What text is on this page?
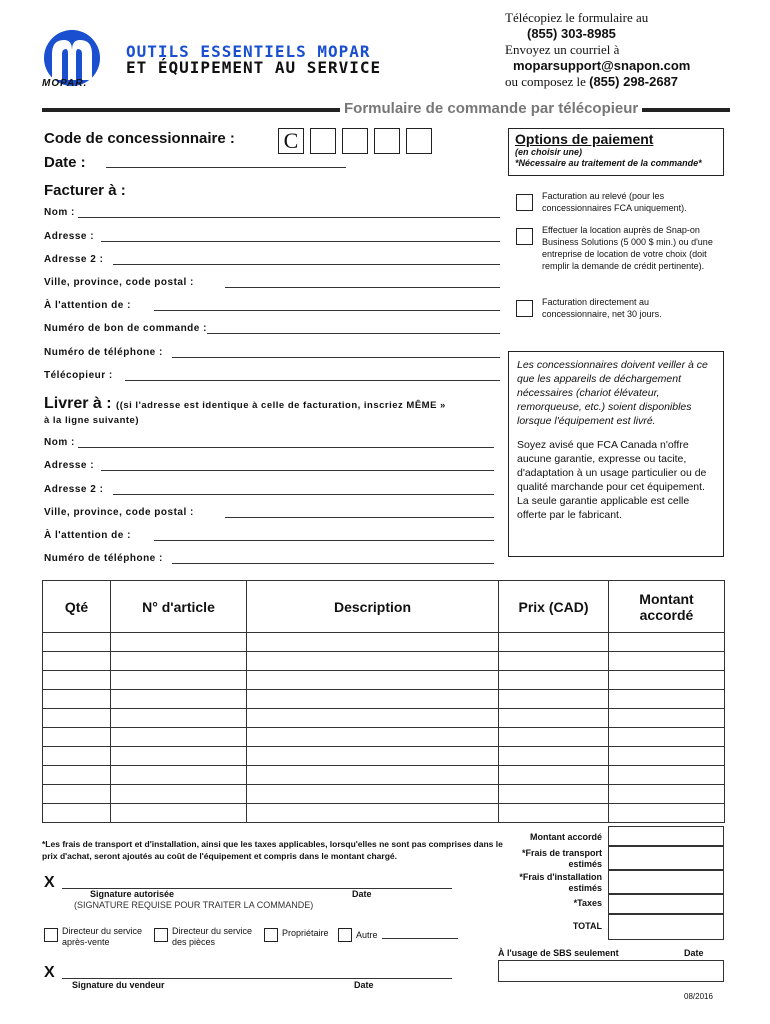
MOPAR.
OUTILS ESSENTIELS MOPAR
ET ÉQUIPEMENT AU SERVICE
Télécopiez le formulaire au
(855) 303-8985
Envoyez un courriel à
moparsupport@snapon.com
ou composez le (855) 298-2687
Formulaire de commande par télécopieur
Code de concessionnaire : C
Date :
Facturer à :
Nom :
Adresse :
Adresse 2 :
Ville, province, code postal :
À l'attention de :
Numéro de bon de commande :
Numéro de téléphone :
Télécopieur :
Livrer à : ((si l'adresse est identique à celle de facturation, inscriez MÊME »
à la ligne suivante)
Nom :
Adresse :
Adresse 2 :
Ville, province, code postal :
À l'attention de :
Numéro de téléphone :
Options de paiement
(en choisir une)
*Nécessaire au traitement de la commande*
Facturation au relevé (pour les concessionnaires FCA uniquement).
Effectuer la location auprès de Snap-on Business Solutions (5 000 $ min.) ou d'une entreprise de location de votre choix (doit remplir la demande de crédit pertinente).
Facturation directement au concessionnaire, net 30 jours.

Les concessionnaires doivent veiller à ce que les appareils de déchargement nécessaires (chariot élévateur, remorqueuse, etc.) soient disponibles lorsque l'équipement est livré.

Soyez avisé que FCA Canada n'offre aucune garantie, expresse ou tacite, d'adaptation à un usage particulier ou de qualité marchande pour cet équipement. La seule garantie applicable est celle offerte par le fabricant.

Qté	N° d'article	Description	Prix (CAD)	Montant accordé

*Les frais de transport et d'installation, ainsi que les taxes applicables, lorsqu'elles ne sont pas comprises dans le prix d'achat, seront ajoutés au coût de l'équipement et compris dans le montant chargé.
Montant accordé
*Frais de transport estimés
*Frais d'installation estimés
*Taxes
TOTAL
X
Signature autorisée	Date
(SIGNATURE REQUISE POUR TRAITER LA COMMANDE)
Directeur du service après-vente
Directeur du service des pièces
Propriétaire	Autre
À l'usage de SBS seulement	Date
X
Signature du vendeur	Date
08/2016
